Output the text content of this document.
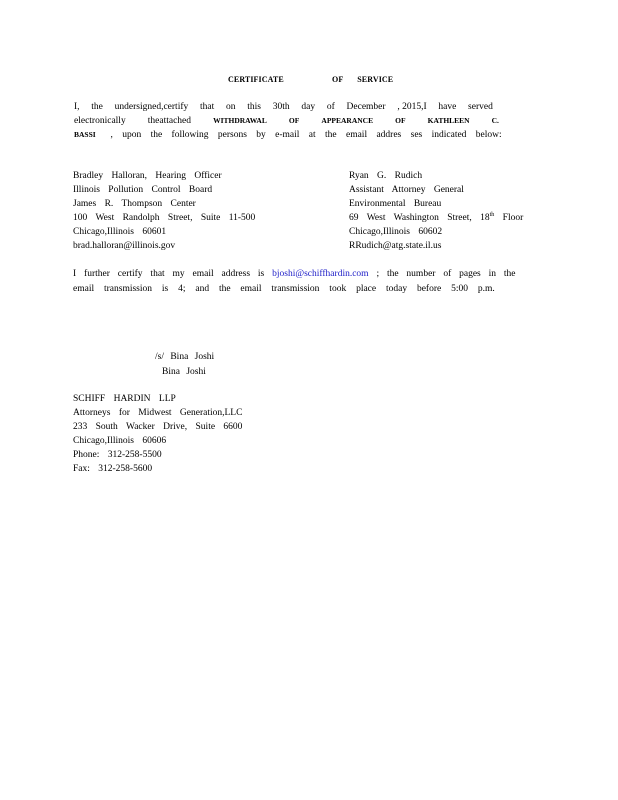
CERTIFICATE	OF SERVICE
I, the undersigned,certify that on this 30th day of December , 2015,I have served
electronically theattached	WITHDRAWAL	OF	APPEARANCE	OF	KATHLEEN	C.
BASSI , upon the following persons by e-mail at the email addres ses indicated below:
Bradley Halloran, Hearing Officer
Illinois Pollution Control Board
James R. Thompson Center
100 West Randolph Street, Suite 11-500
Chicago,Illinois 60601
brad.halloran@illinois.gov
Ryan G. Rudich
Assistant Attorney General
Environmental Bureau
69 West Washington Street, 18th Floor
Chicago,Illinois 60602
RRudich@atg.state.il.us
I further certify that my email address is bjoshi@schiffhardin.com ; the number of pages in the
email transmission is 4; and the email transmission took place today before 5:00 p.m.
/s/ Bina Joshi
Bina Joshi
SCHIFF HARDIN LLP
Attorneys for Midwest Generation,LLC
233 South Wacker Drive, Suite 6600
Chicago,Illinois 60606
Phone: 312-258-5500
Fax: 312-258-5600
